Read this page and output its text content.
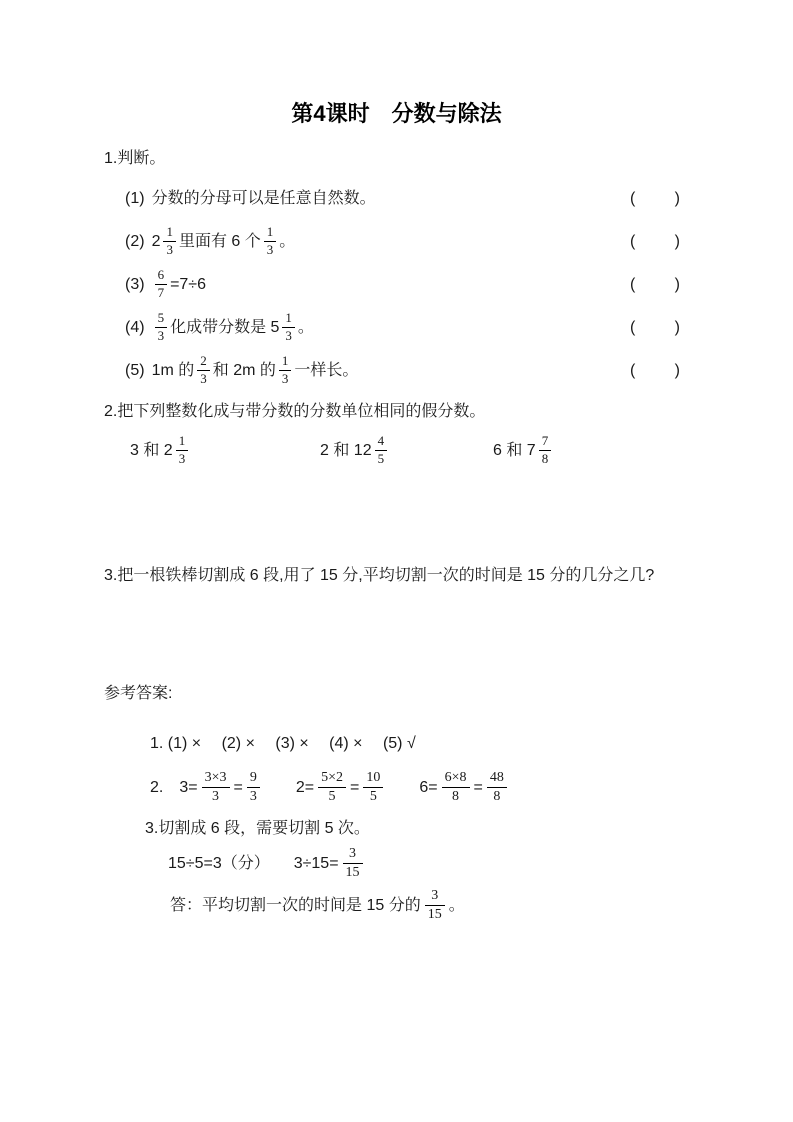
第4课时　分数与除法
1.判断。
(1) 分数的分母可以是任意自然数。	( )
(2) $2 \frac{1}{3}$ 里面有 6 个 $\frac{1}{3}$ 。	( )
$(3) \frac{6}{7} =7\div 6$	( )
$(4) \frac{5}{3}$ 化成带分数是 $5 \frac{1}{3}$ 。	( )
(5) 1m 的 $\frac{2}{3}$ 和 2m 的 $\frac{1}{3}$ 一样长。	( )
2.把下列整数化成与带分数的分数单位相同的假分数。
3 和 $2 \frac{1}{3}$	2 和 $12 \frac{4}{5}$	6 和 $7 \frac{7}{8}$
3.把一根铁棒切割成 6 段,用了 15 分,平均切割一次的时间是 15 分的几分之几?
参考答案:
1. (1) ×　 (2) ×　 (3) ×　 (4) ×　 (5) √
2.　$3= \frac{3\times 3}{3} = \frac{9}{3}$ 　　$2= \frac{5\times 2}{5} = \frac{10}{5}$ 　　$6= \frac{6\times 8}{8} = \frac{48}{8}$
3.切割成 6 段，需要切割 5 次。
15÷5=3（分）　　$3\div 15= \frac{3}{15}$
答：平均切割一次的时间是 15 分的 $\frac{3}{15}$ 。
